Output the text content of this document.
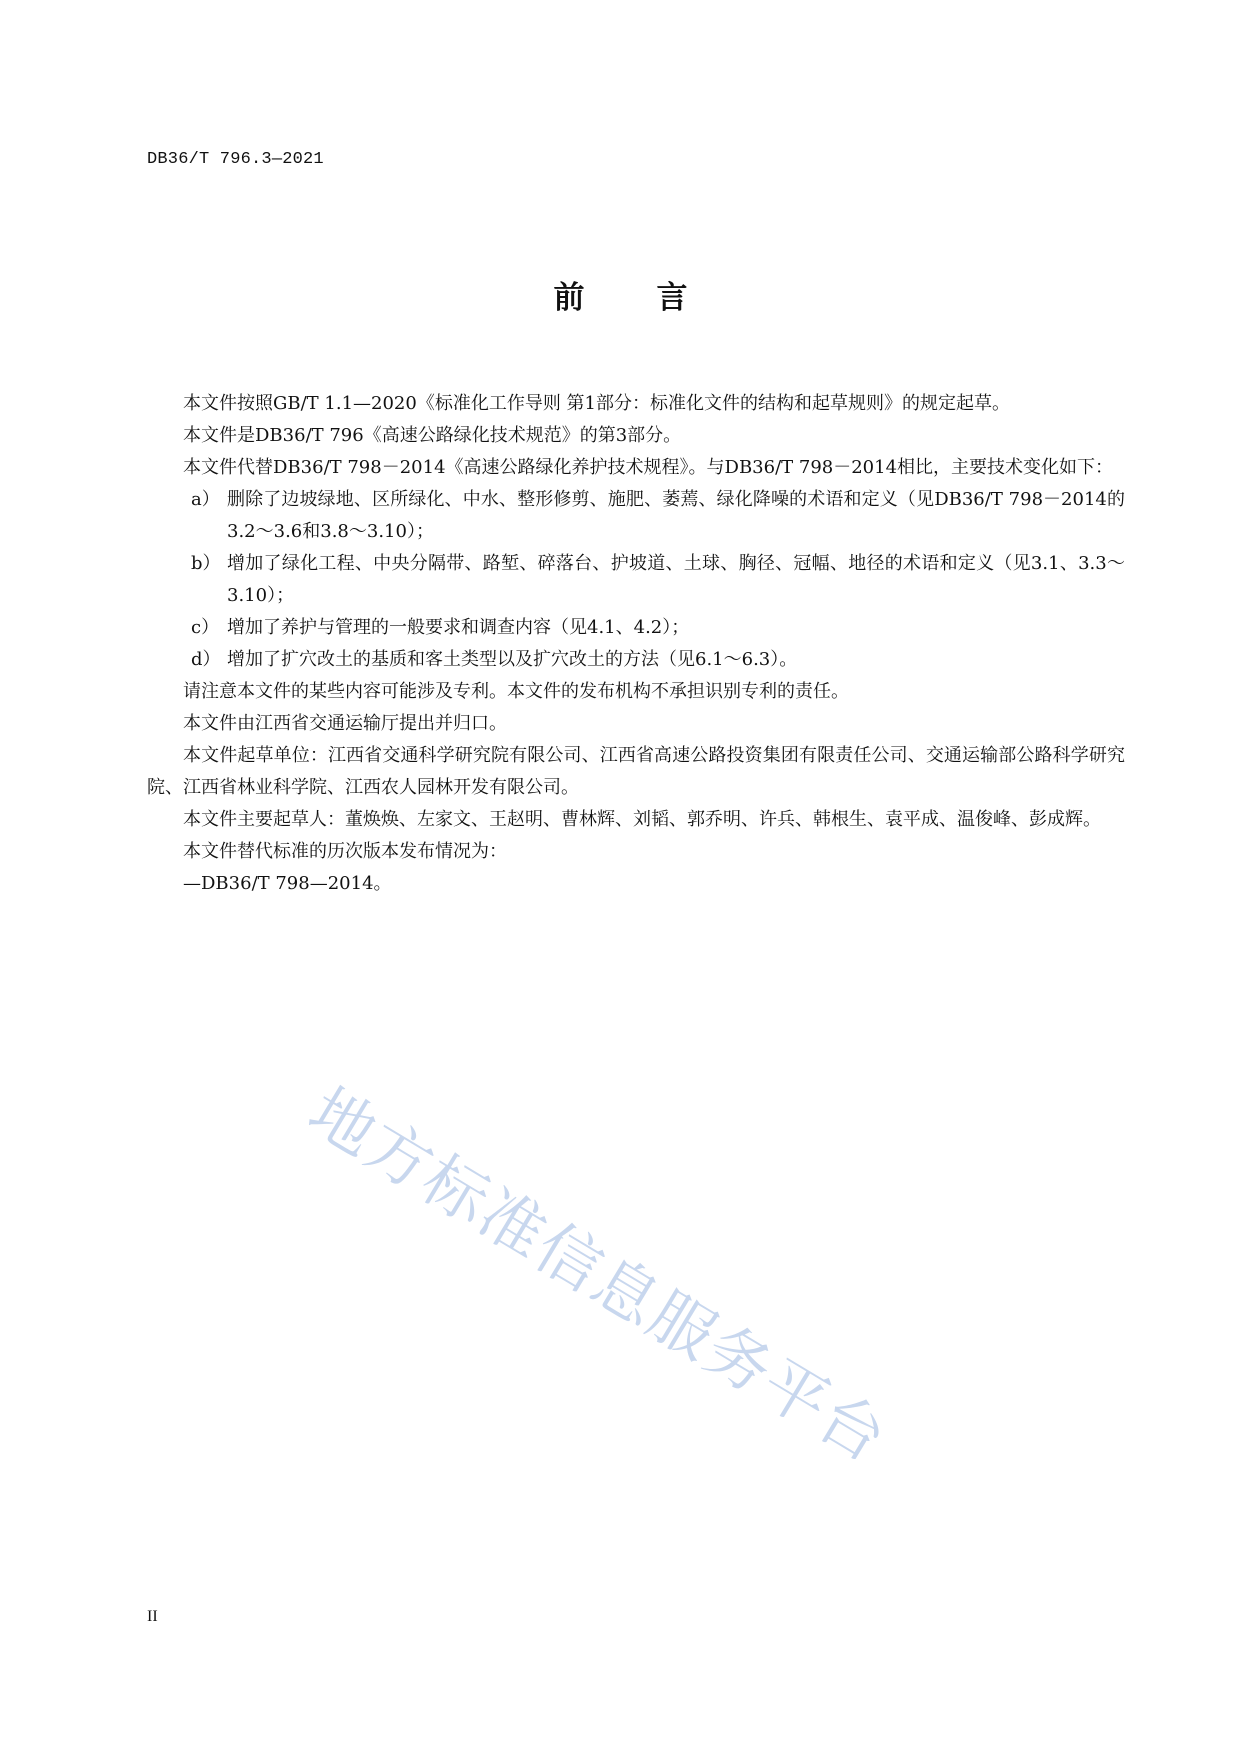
DB36/T 796.3—2021
前 言

本文件按照GB/T 1.1—2020《标准化工作导则 第1部分：标准化文件的结构和起草规则》的规定起草。

本文件是DB36/T 796《高速公路绿化技术规范》的第3部分。

本文件代替DB36/T 798－2014《高速公路绿化养护技术规程》。与DB36/T 798－2014相比，主要技术变化如下：

a） 删除了边坡绿地、区所绿化、中水、整形修剪、施肥、萎蔫、绿化降噪的术语和定义（见DB36/T 798－2014的3.2～3.6和3.8～3.10）；

b） 增加了绿化工程、中央分隔带、路堑、碎落台、护坡道、土球、胸径、冠幅、地径的术语和定义（见3.1、3.3～3.10）；

c） 增加了养护与管理的一般要求和调查内容（见4.1、4.2）；

d） 增加了扩穴改土的基质和客土类型以及扩穴改土的方法（见6.1～6.3）。

请注意本文件的某些内容可能涉及专利。本文件的发布机构不承担识别专利的责任。

本文件由江西省交通运输厅提出并归口。

本文件起草单位：江西省交通科学研究院有限公司、江西省高速公路投资集团有限责任公司、交通运输部公路科学研究院、江西省林业科学院、江西农人园林开发有限公司。

本文件主要起草人：董焕焕、左家文、王赵明、曹林辉、刘韬、郭乔明、许兵、韩根生、袁平成、温俊峰、彭成辉。

本文件替代标准的历次版本发布情况为：

—DB36/T 798—2014。

地方标准信息服务平台
II
